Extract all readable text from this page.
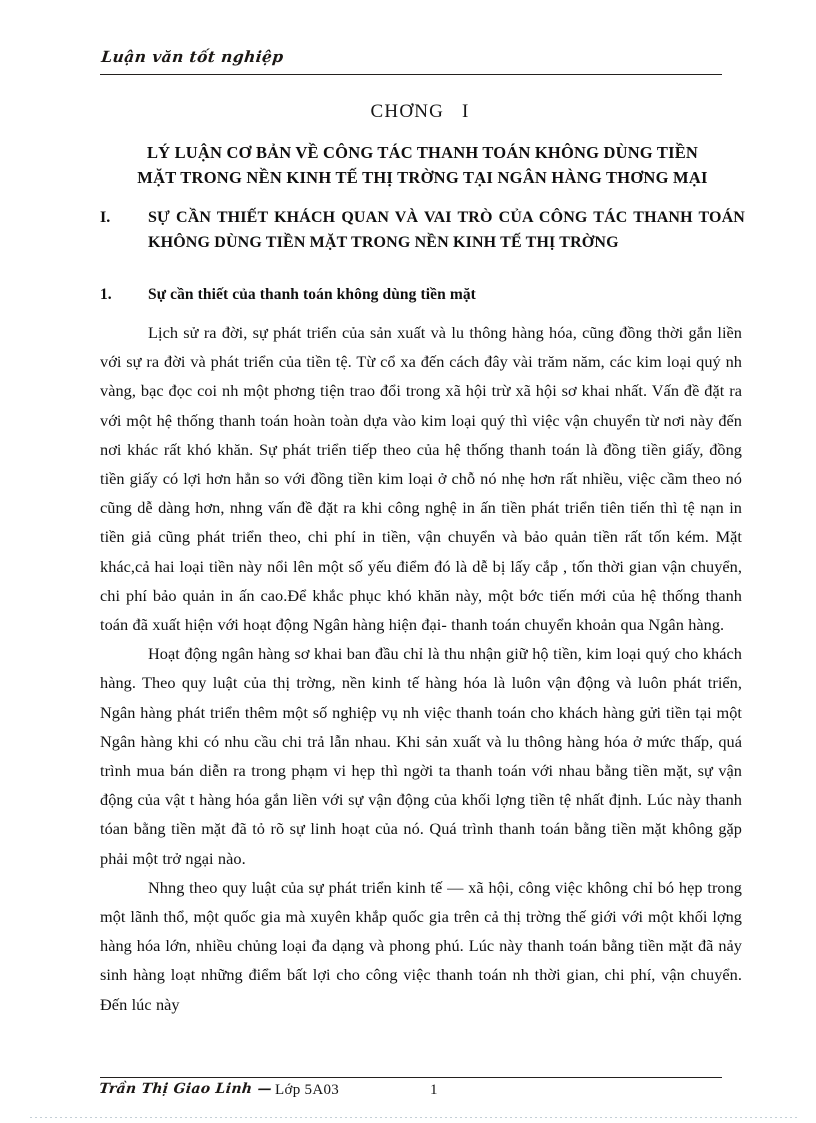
Luận văn tốt nghiệp
CHƠNG   I
LÝ LUẬN CƠ BẢN VỀ CÔNG TÁC THANH TOÁN KHÔNG DÙNG TIỀN
MẶT TRONG NỀN KINH TẾ THỊ TRỜNG TẠI NGÂN HÀNG THƠNG MẠI
I.	SỰ CẦN THIẾT KHÁCH QUAN VÀ VAI TRÒ CỦA CÔNG TÁC THANH TOÁN KHÔNG DÙNG TIỀN MẶT TRONG NỀN KINH TẾ THỊ TRỜNG
1.	Sự cần thiết của thanh toán không dùng tiền mặt

Lịch sử ra đời, sự phát triển của sản xuất và lu thông hàng hóa, cũng đồng thời gắn liền với sự ra đời và phát triển của tiền tệ. Từ cổ xa đến cách đây vài trăm năm, các kim loại quý nh vàng, bạc đọc coi nh một phơng tiện trao đổi trong xã hội trừ xã hội sơ khai nhất. Vấn đề đặt ra với một hệ thống thanh toán hoàn toàn dựa vào kim loại quý thì việc vận chuyển từ nơi này đến nơi khác rất khó khăn. Sự phát triển tiếp theo của hệ thống thanh toán là đồng tiền giấy, đồng tiền giấy có lợi hơn hẳn so với đồng tiền kim loại ở chỗ nó nhẹ hơn rất nhiều, việc cầm theo nó cũng dễ dàng hơn, nhng vấn đề đặt ra khi công nghệ in ấn tiền phát triển tiên tiến thì tệ nạn in tiền giả cũng phát triển theo, chi phí in tiền, vận chuyển và bảo quản tiền rất tốn kém. Mặt khác,cả hai loại tiền này nổi lên một số yếu điểm đó là dễ bị lấy cắp , tốn thời gian vận chuyển, chi phí bảo quản in ấn cao.Để khắc phục khó khăn này, một bớc tiến mới của hệ thống thanh toán đã xuất hiện với hoạt động Ngân hàng hiện đại- thanh toán chuyển khoản qua Ngân hàng.

Hoạt động ngân hàng sơ khai ban đầu chỉ là thu nhận giữ hộ tiền, kim loại quý cho khách hàng. Theo quy luật của thị trờng, nền kinh tế hàng hóa là luôn vận động và luôn phát triển, Ngân hàng phát triển thêm một số nghiệp vụ nh việc thanh toán cho khách hàng gửi tiền tại một Ngân hàng khi có nhu cầu chi trả lẫn nhau. Khi sản xuất và lu thông hàng hóa ở mức thấp, quá trình mua bán diễn ra trong phạm vi hẹp thì ngời ta thanh toán với nhau bằng tiền mặt, sự vận động của vật t hàng hóa gắn liền với sự vận động của khối lợng tiền tệ nhất định. Lúc này thanh tóan bằng tiền mặt đã tỏ rõ sự linh hoạt của nó. Quá trình thanh toán bằng tiền mặt không gặp phải một trở ngại nào.

Nhng theo quy luật của sự phát triển kinh tế — xã hội, công việc không chỉ bó hẹp trong một lãnh thổ, một quốc gia mà xuyên khắp quốc gia trên cả thị trờng thế giới với một khối lợng hàng hóa lớn, nhiều chủng loại đa dạng và phong phú. Lúc này thanh toán bằng tiền mặt đã nảy sinh hàng loạt những điểm bất lợi cho công việc thanh toán nh thời gian, chi phí, vận chuyển. Đến lúc này

Trần Thị Giao Linh — Lớp 5A03	1
